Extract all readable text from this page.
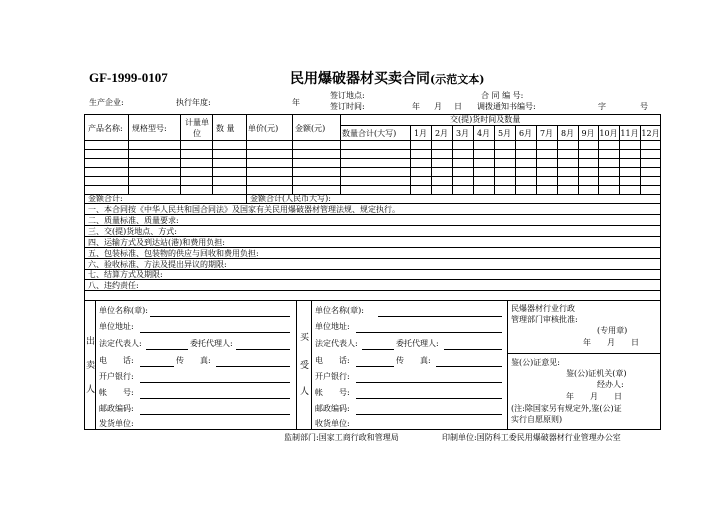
GF-1999-0107	民用爆破器材买卖合同(示范文本)
生产企业:	执行年度:	年
签订地点:
签订时间:	年 月 日
合 同 编 号:
调拨通知书编号:	字	号
产品名称: 规格型号:
计量单位
数 量 单价(元) 金额(元)
交(提)货时间及数量
数量合计(大写)	1月 2月 3月 4月 5月 6月 7月 8月 9月 10月 11月 12月
金额合计:	金额合计(人民币大写):
一、本合同按《中华人民共和国合同法》及国家有关民用爆破器材管理法规、规定执行。
二、质量标准、质量要求:
三、交(提)货地点、方式:
四、运输方式及到达站(港)和费用负担:
五、包装标准、包装物的供应与回收和费用负担:
六、验收标准、方法及提出异议的期限:
七、结算方式及期限:
八、违约责任:
出
卖
人
单位名称(章):
单位地址:
法定代表人:	委托代理人:
电　　话:	传　　真:
开户银行:
帐　　号:
邮政编码:
发货单位:
买
受
人
单位名称(章):
单位地址:
法定代表人:	委托代理人:
电　　话:	传　　真:
开户银行:
帐　　号:
邮政编码:
收货单位:
民爆器材行业行政
管理部门审核批准:
(专用章)
年　　月　　日
鉴(公)证意见:
鉴(公)证机关(章)
经办人:
年　　月　　日
(注:除国家另有规定外,鉴(公)证
实行自愿原则)
监制部门:国家工商行政和管理局	印制单位:国防科工委民用爆破器材行业管理办公室
